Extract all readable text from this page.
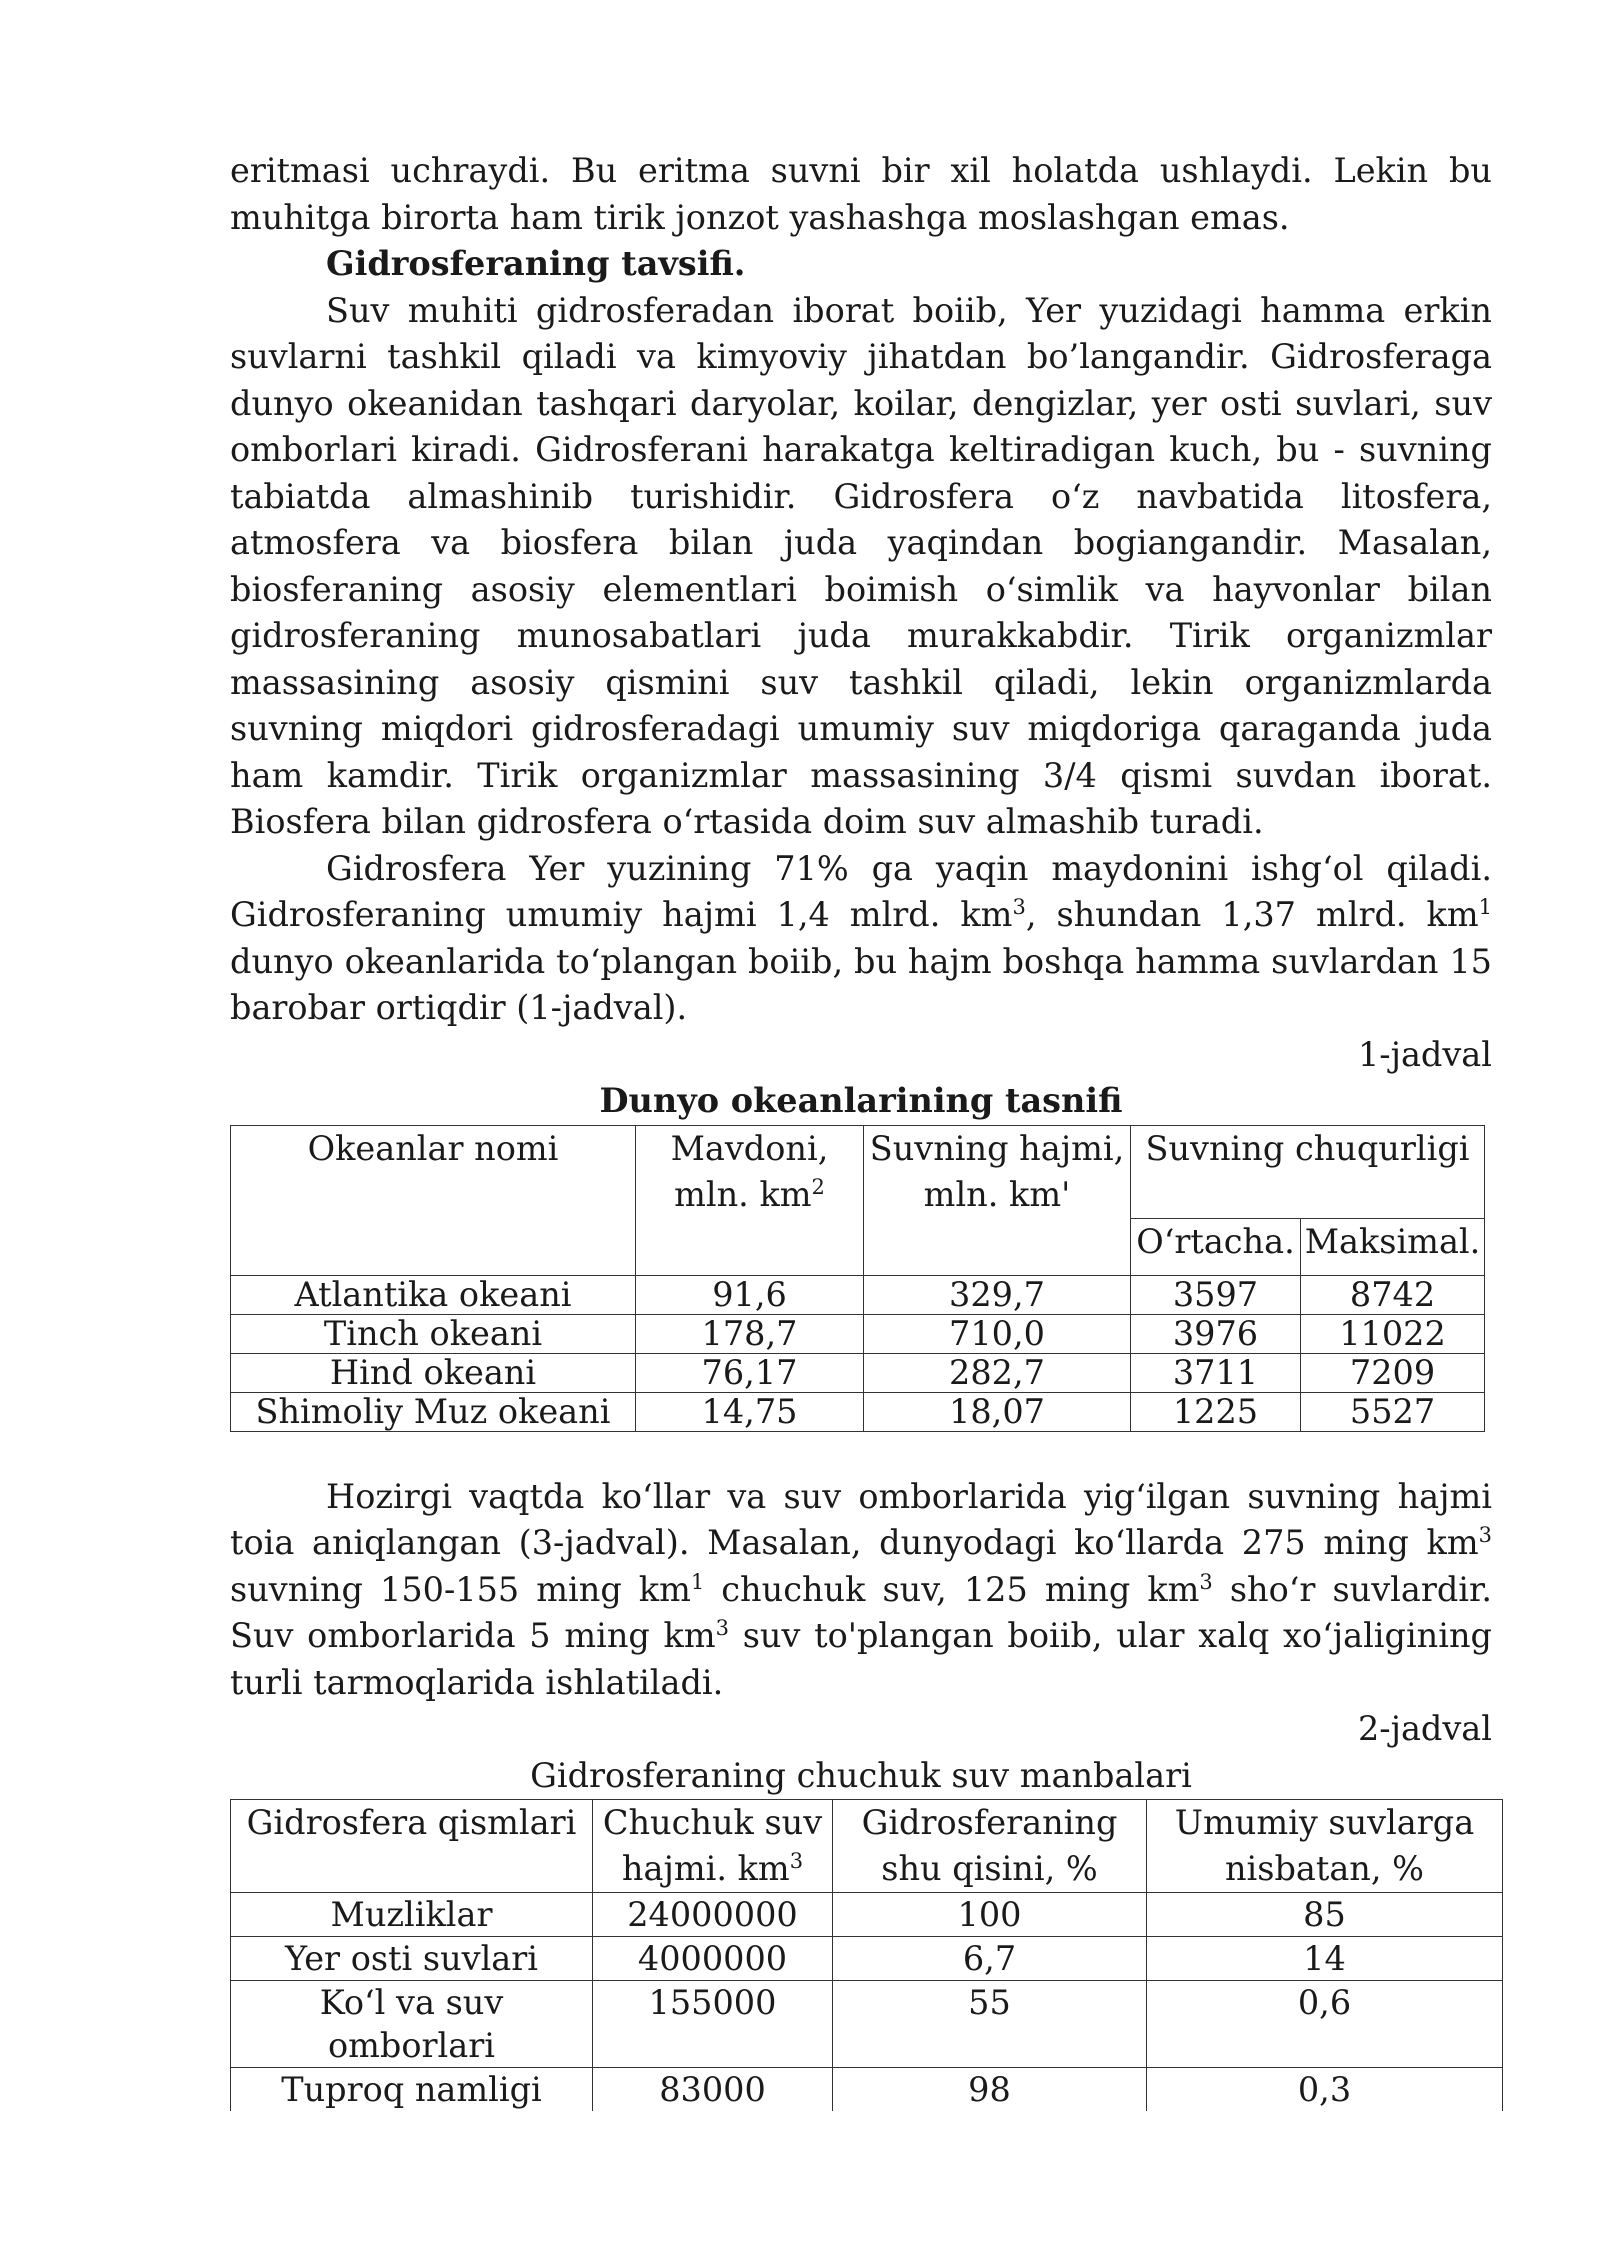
eritmasi uchraydi. Bu eritma suvni bir xil holatda ushlaydi. Lekin bu muhitga birorta ham tirik jonzot yashashga moslashgan emas.

Gidrosferaning tavsifi.

Suv muhiti gidrosferadan iborat boiib, Yer yuzidagi hamma erkin suvlarni tashkil qiladi va kimyoviy jihatdan bo’langandir. Gidrosferaga dunyo okeanidan tashqari daryolar, koilar, dengizlar, yer osti suvlari, suv omborlari kiradi. Gidrosferani harakatga keltiradigan kuch, bu - suvning tabiatda almashinib turishidir. Gidrosfera o‘z navbatida litosfera, atmosfera va biosfera bilan juda yaqindan bogiangandir. Masalan, biosferaning asosiy elementlari boimish o‘simlik va hayvonlar bilan gidrosferaning munosabatlari juda murakkabdir. Tirik organizmlar massasining asosiy qismini suv tashkil qiladi, lekin organizmlarda suvning miqdori gidrosferadagi umumiy suv miqdoriga qaraganda juda ham kamdir. Tirik organizmlar massasining 3/4 qismi suvdan iborat. Biosfera bilan gidrosfera o‘rtasida doim suv almashib turadi.

Gidrosfera Yer yuzining 71% ga yaqin maydonini ishg‘ol qiladi. Gidrosferaning umumiy hajmi 1,4 mlrd. $km^3$, shundan 1,37 mlrd. $km^1$ dunyo okeanlarida to‘plangan boiib, bu hajm boshqa hamma suvlardan 15 barobar ortiqdir (1-jadval).

1-jadval
Dunyo okeanlarining tasnifi
Okeanlar nomi	Mavdoni, mln. $km^2$	Suvning hajmi, mln. km'	Suvning chuqurligi	
			O‘rtacha.	Maksimal.
Atlantika okeani	91,6	329,7	3597	8742
Tinch okeani	178,7	710,0	3976	11022
Hind okeani	76,17	282,7	3711	7209
Shimoliy Muz okeani	14,75	18,07	1225	5527

Hozirgi vaqtda ko‘llar va suv omborlarida yig‘ilgan suvning hajmi toia aniqlangan (3-jadval). Masalan, dunyodagi ko‘llarda 275 ming $km^3$ suvning 150-155 ming $km^1$ chuchuk suv, 125 ming $km^3$ sho‘r suvlardir. Suv omborlarida 5 ming $km^3$ suv to'plangan boiib, ular xalq xo‘jaligining turli tarmoqlarida ishlatiladi.

2-jadval
Gidrosferaning chuchuk suv manbalari
Gidrosfera qismlari	Chuchuk suv hajmi. $km^3$	Gidrosferaning shu qisini, %	Umumiy suvlarga nisbatan, %
Muzliklar	24000000	100	85
Yer osti suvlari	4000000	6,7	14
Ko‘l va suv omborlari	155000	55	0,6
Tuproq namligi	83000	98	0,3
